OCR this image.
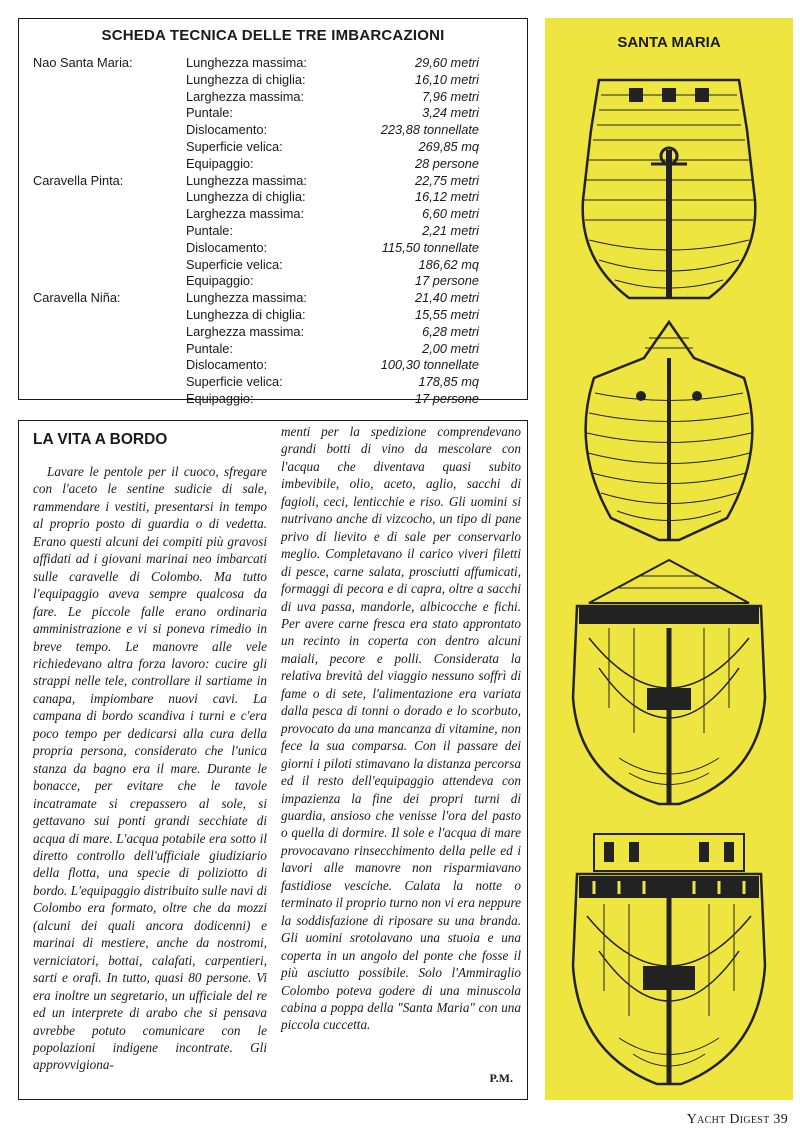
SCHEDA TECNICA DELLE TRE IMBARCAZIONI
Nao Santa Maria:	Lunghezza massima:	29,60 metri
Lunghezza di chiglia:	16,10 metri
Larghezza massima:	7,96 metri
Puntale:	3,24 metri
Dislocamento:	223,88 tonnellate
Superficie velica:	269,85 mq
Equipaggio:	28 persone
Caravella Pinta:	Lunghezza massima:	22,75 metri
Lunghezza di chiglia:	16,12 metri
Larghezza massima:	6,60 metri
Puntale:	2,21 metri
Dislocamento:	115,50 tonnellate
Superficie velica:	186,62 mq
Equipaggio:	17 persone
Caravella Niña:	Lunghezza massima:	21,40 metri
Lunghezza di chiglia:	15,55 metri
Larghezza massima:	6,28 metri
Puntale:	2,00 metri
Dislocamento:	100,30 tonnellate
Superficie velica:	178,85 mq
Equipaggio:	17 persone
LA VITA A BORDO
Lavare le pentole per il cuoco, sfregare con l'aceto le sentine sudicie di sale, rammendare i vestiti, presentarsi in tempo al proprio posto di guardia o di vedetta. Erano questi alcuni dei compiti più gravosi affidati ad i giovani marinai neo imbarcati sulle caravelle di Colombo. Ma tutto l'equipaggio aveva sempre qualcosa da fare. Le piccole falle erano ordinaria amministrazione e vi si poneva rimedio in breve tempo. Le manovre alle vele richiedevano altra forza lavoro: cucire gli strappi nelle tele, controllare il sartiame in canapa, impiombare nuovi cavi. La campana di bordo scandiva i turni e c'era poco tempo per dedicarsi alla cura della propria persona, considerato che l'unica stanza da bagno era il mare. Durante le bonacce, per evitare che le tavole incatramate si crepassero al sole, si gettavano sui ponti grandi secchiate di acqua di mare. L'acqua potabile era sotto il diretto controllo dell'ufficiale giudiziario della flotta, una specie di poliziotto di bordo. L'equipaggio distribuito sulle navi di Colombo era formato, oltre che da mozzi (alcuni dei quali ancora dodicenni) e marinai di mestiere, anche da nostromi, verniciatori, bottai, calafati, carpentieri, sarti e orafi. In tutto, quasi 80 persone. Vi era inoltre un segretario, un ufficiale del re ed un interprete di arabo che si pensava avrebbe potuto comunicare con le popolazioni indigene incontrate. Gli approvvigiona-
menti per la spedizione comprendevano grandi botti di vino da mescolare con l'acqua che diventava quasi subito imbevibile, olio, aceto, aglio, sacchi di fagioli, ceci, lenticchie e riso. Gli uomini si nutrivano anche di vizcocho, un tipo di pane privo di lievito e di sale per conservarlo meglio. Completavano il carico viveri filetti di pesce, carne salata, prosciutti affumicati, formaggi di pecora e di capra, oltre a sacchi di uva passa, mandorle, albicocche e fichi. Per avere carne fresca era stato approntato un recinto in coperta con dentro alcuni maiali, pecore e polli. Considerata la relativa brevità del viaggio nessuno soffrì di fame o di sete, l'alimentazione era variata dalla pesca di tonni o dorado e lo scorbuto, provocato da una mancanza di vitamine, non fece la sua comparsa. Con il passare dei giorni i piloti stimavano la distanza percorsa ed il resto dell'equipaggio attendeva con impazienza la fine dei propri turni di guardia, ansioso che venisse l'ora del pasto o quella di dormire. Il sole e l'acqua di mare provocavano rinsecchimento della pelle ed i lavori alle manovre non risparmiavano fastidiose vesciche. Calata la notte o terminato il proprio turno non vi era neppure la soddisfazione di riposare su una branda. Gli uomini srotolavano una stuoia e una coperta in un angolo del ponte che fosse il più asciutto possibile. Solo l'Ammiraglio Colombo poteva godere di una minuscola cabina a poppa della "Santa Maria" con una piccola cuccetta.
P.M.
SANTA MARIA
Yacht Digest 39
